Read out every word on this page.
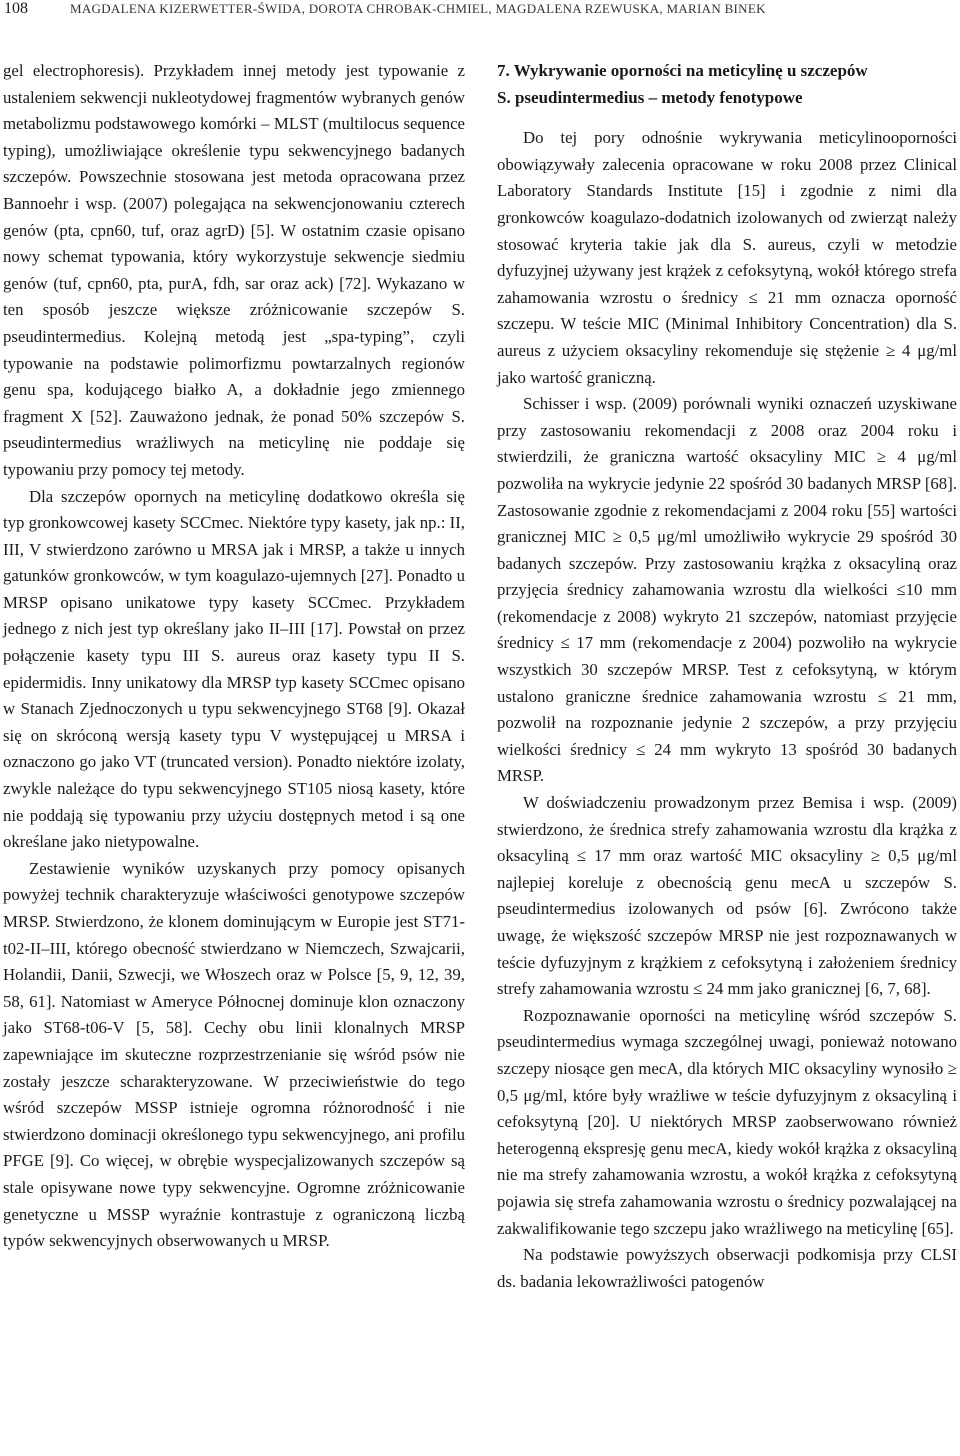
108	MAGDALENA KIZERWETTER-ŚWIDA, DOROTA CHROBAK-CHMIEL, MAGDALENA RZEWUSKA, MARIAN BINEK

gel electrophoresis). Przykładem innej metody jest typowanie z ustaleniem sekwencji nukleotydowej fragmentów wybranych genów metabolizmu podstawowego komórki – MLST (multilocus sequence typing), umożliwiające określenie typu sekwencyjnego badanych szczepów. Powszechnie stosowana jest metoda opracowana przez Bannoehr i wsp. (2007) polegająca na sekwencjonowaniu czterech genów (pta, cpn60, tuf, oraz agrD) [5]. W ostatnim czasie opisano nowy schemat typowania, który wykorzystuje sekwencje siedmiu genów (tuf, cpn60, pta, purA, fdh, sar oraz ack) [72]. Wykazano w ten sposób jeszcze większe zróżnicowanie szczepów S. pseudintermedius. Kolejną metodą jest „spa-typing”, czyli typowanie na podstawie polimorfizmu powtarzalnych regionów genu spa, kodującego białko A, a dokładnie jego zmiennego fragment X [52]. Zauważono jednak, że ponad 50% szczepów S. pseudintermedius wrażliwych na meticylinę nie poddaje się typowaniu przy pomocy tej metody.

Dla szczepów opornych na meticylinę dodatkowo określa się typ gronkowcowej kasety SCCmec. Niektóre typy kasety, jak np.: II, III, V stwierdzono zarówno u MRSA jak i MRSP, a także u innych gatunków gronkowców, w tym koagulazo-ujemnych [27]. Ponadto u MRSP opisano unikatowe typy kasety SCCmec. Przykładem jednego z nich jest typ określany jako II–III [17]. Powstał on przez połączenie kasety typu III S. aureus oraz kasety typu II S. epidermidis. Inny unikatowy dla MRSP typ kasety SCCmec opisano w Stanach Zjednoczonych u typu sekwencyjnego ST68 [9]. Okazał się on skróconą wersją kasety typu V występującej u MRSA i oznaczono go jako VT (truncated version). Ponadto niektóre izolaty, zwykle należące do typu sekwencyjnego ST105 niosą kasety, które nie poddają się typowaniu przy użyciu dostępnych metod i są one określane jako nietypowalne.

Zestawienie wyników uzyskanych przy pomocy opisanych powyżej technik charakteryzuje właściwości genotypowe szczepów MRSP. Stwierdzono, że klonem dominującym w Europie jest ST71-t02-II–III, którego obecność stwierdzano w Niemczech, Szwajcarii, Holandii, Danii, Szwecji, we Włoszech oraz w Polsce [5, 9, 12, 39, 58, 61]. Natomiast w Ameryce Północnej dominuje klon oznaczony jako ST68-t06-V [5, 58]. Cechy obu linii klonalnych MRSP zapewniające im skuteczne rozprzestrzenianie się wśród psów nie zostały jeszcze scharakteryzowane. W przeciwieństwie do tego wśród szczepów MSSP istnieje ogromna różnorodność i nie stwierdzono dominacji określonego typu sekwencyjnego, ani profilu PFGE [9]. Co więcej, w obrębie wyspecjalizowanych szczepów są stale opisywane nowe typy sekwencyjne. Ogromne zróżnicowanie genetyczne u MSSP wyraźnie kontrastuje z ograniczoną liczbą typów sekwencyjnych obserwowanych u MRSP.

7. Wykrywanie oporności na meticylinę u szczepów
S. pseudintermedius – metody fenotypowe

Do tej pory odnośnie wykrywania meticylinooporności obowiązywały zalecenia opracowane w roku 2008 przez Clinical Laboratory Standards Institute [15] i zgodnie z nimi dla gronkowców koagulazo-dodatnich izolowanych od zwierząt należy stosować kryteria takie jak dla S. aureus, czyli w metodzie dyfuzyjnej używany jest krążek z cefoksytyną, wokół którego strefa zahamowania wzrostu o średnicy ≤ 21 mm oznacza oporność szczepu. W teście MIC (Minimal Inhibitory Concentration) dla S. aureus z użyciem oksacyliny rekomenduje się stężenie ≥ 4 μg/ml jako wartość graniczną.

Schisser i wsp. (2009) porównali wyniki oznaczeń uzyskiwane przy zastosowaniu rekomendacji z 2008 oraz 2004 roku i stwierdzili, że graniczna wartość oksacyliny MIC ≥ 4 μg/ml pozwoliła na wykrycie jedynie 22 spośród 30 badanych MRSP [68]. Zastosowanie zgodnie z rekomendacjami z 2004 roku [55] wartości granicznej MIC ≥ 0,5 μg/ml umożliwiło wykrycie 29 spośród 30 badanych szczepów. Przy zastosowaniu krążka z oksacyliną oraz przyjęcia średnicy zahamowania wzrostu dla wielkości ≤10 mm (rekomendacje z 2008) wykryto 21 szczepów, natomiast przyjęcie średnicy ≤ 17 mm (rekomendacje z 2004) pozwoliło na wykrycie wszystkich 30 szczepów MRSP. Test z cefoksytyną, w którym ustalono graniczne średnice zahamowania wzrostu ≤ 21 mm, pozwolił na rozpoznanie jedynie 2 szczepów, a przy przyjęciu wielkości średnicy ≤ 24 mm wykryto 13 spośród 30 badanych MRSP.

W doświadczeniu prowadzonym przez Bemisa i wsp. (2009) stwierdzono, że średnica strefy zahamowania wzrostu dla krążka z oksacyliną ≤ 17 mm oraz wartość MIC oksacyliny ≥ 0,5 μg/ml najlepiej koreluje z obecnością genu mecA u szczepów S. pseudintermedius izolowanych od psów [6]. Zwrócono także uwagę, że większość szczepów MRSP nie jest rozpoznawanych w teście dyfuzyjnym z krążkiem z cefoksytyną i założeniem średnicy strefy zahamowania wzrostu ≤ 24 mm jako granicznej [6, 7, 68].

Rozpoznawanie oporności na meticylinę wśród szczepów S. pseudintermedius wymaga szczególnej uwagi, ponieważ notowano szczepy niosące gen mecA, dla których MIC oksacyliny wynosiło ≥ 0,5 μg/ml, które były wrażliwe w teście dyfuzyjnym z oksacyliną i cefoksytyną [20]. U niektórych MRSP zaobserwowano również heterogenną ekspresję genu mecA, kiedy wokół krążka z oksacyliną nie ma strefy zahamowania wzrostu, a wokół krążka z cefoksytyną pojawia się strefa zahamowania wzrostu o średnicy pozwalającej na zakwalifikowanie tego szczepu jako wrażliwego na meticylinę [65].

Na podstawie powyższych obserwacji podkomisja przy CLSI ds. badania lekowrażliwości patogenów
